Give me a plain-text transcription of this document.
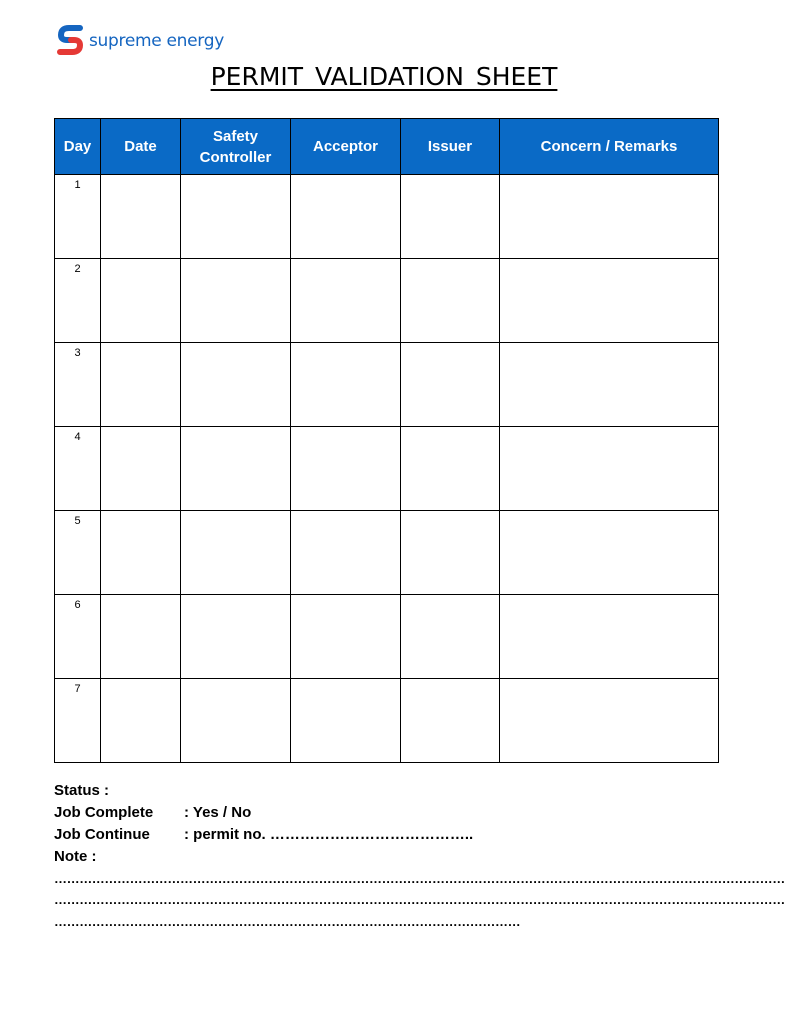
supreme energy
PERMIT VALIDATION SHEET
Day	Date	Safety Controller	Acceptor	Issuer	Concern / Remarks
1					
2					
3					
4					
5					
6					
7					
Status :
Job Complete : Yes / No
Job Continue : permit no. …………………………………..
Note :
…………………………………………………………………………………………………………………………………………………………
…………………………………………………………………………………………………………………………………………………………
…………………………………………………………………………………………………
